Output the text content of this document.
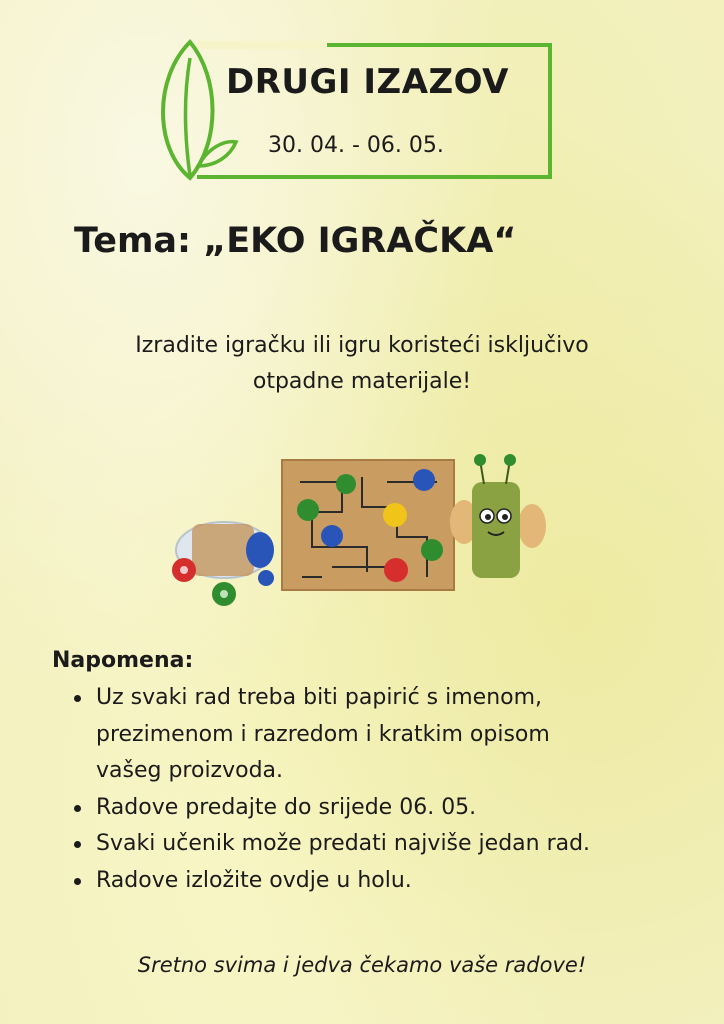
DRUGI IZAZOV
30. 04. - 06. 05.
Tema: „EKO IGRAČKA“
Izradite igračku ili igru koristeći isključivo
otpadne materijale!
Napomena:
Uz svaki rad treba biti papirić s imenom,
prezimenom i razredom i kratkim opisom
vašeg proizvoda.
Radove predajte do srijede 06. 05.
Svaki učenik može predati najviše jedan rad.
Radove izložite ovdje u holu.
Sretno svima i jedva čekamo vaše radove!
